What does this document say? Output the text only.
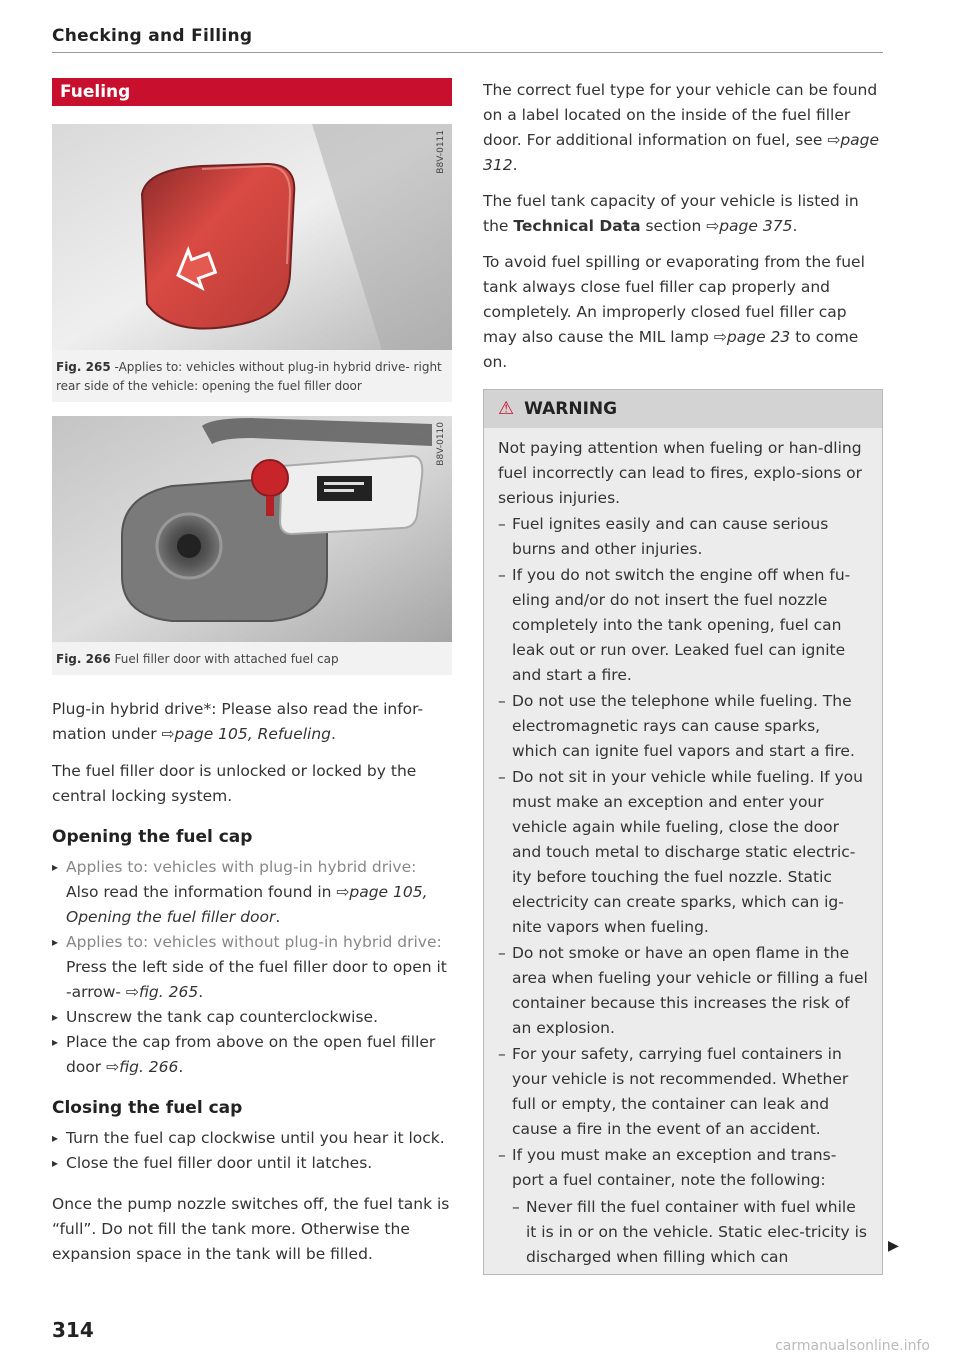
Checking and Filling
Fueling
B8V-0111
Fig. 265 -Applies to: vehicles without plug-in hybrid drive- right rear side of the vehicle: opening the fuel filler door
B8V-0110
Fig. 266 Fuel filler door with attached fuel cap

Plug-in hybrid drive*: Please also read the infor-mation under ⇨page 105, Refueling.

The fuel filler door is unlocked or locked by the central locking system.

Opening the fuel cap
▸ Applies to: vehicles with plug-in hybrid drive: Also read the information found in ⇨page 105, Opening the fuel filler door.
▸ Applies to: vehicles without plug-in hybrid drive: Press the left side of the fuel filler door to open it -arrow- ⇨fig. 265.
▸ Unscrew the tank cap counterclockwise.
▸ Place the cap from above on the open fuel filler door ⇨fig. 266.
Closing the fuel cap
▸ Turn the fuel cap clockwise until you hear it lock.
▸ Close the fuel filler door until it latches.

Once the pump nozzle switches off, the fuel tank is “full”. Do not fill the tank more. Otherwise the expansion space in the tank will be filled.

The correct fuel type for your vehicle can be found on a label located on the inside of the fuel filler door. For additional information on fuel, see ⇨page 312.

The fuel tank capacity of your vehicle is listed in the Technical Data section ⇨page 375.

To avoid fuel spilling or evaporating from the fuel tank always close fuel filler cap properly and completely. An improperly closed fuel filler cap may also cause the MIL lamp ⇨page 23 to come on.

⚠ WARNING

Not paying attention when fueling or han-dling fuel incorrectly can lead to fires, explo-sions or serious injuries.

– Fuel ignites easily and can cause serious burns and other injuries.
– If you do not switch the engine off when fu-eling and/or do not insert the fuel nozzle completely into the tank opening, fuel can leak out or run over. Leaked fuel can ignite and start a fire.
– Do not use the telephone while fueling. The electromagnetic rays can cause sparks, which can ignite fuel vapors and start a fire.
– Do not sit in your vehicle while fueling. If you must make an exception and enter your vehicle again while fueling, close the door and touch metal to discharge static electric-ity before touching the fuel nozzle. Static electricity can create sparks, which can ig-nite vapors when fueling.
– Do not smoke or have an open flame in the area when fueling your vehicle or filling a fuel container because this increases the risk of an explosion.
– For your safety, carrying fuel containers in your vehicle is not recommended. Whether full or empty, the container can leak and cause a fire in the event of an accident.
– If you must make an exception and trans-port a fuel container, note the following:
– Never fill the fuel container with fuel while it is in or on the vehicle. Static elec-tricity is discharged when filling which can
▶
314
carmanualsonline.info
